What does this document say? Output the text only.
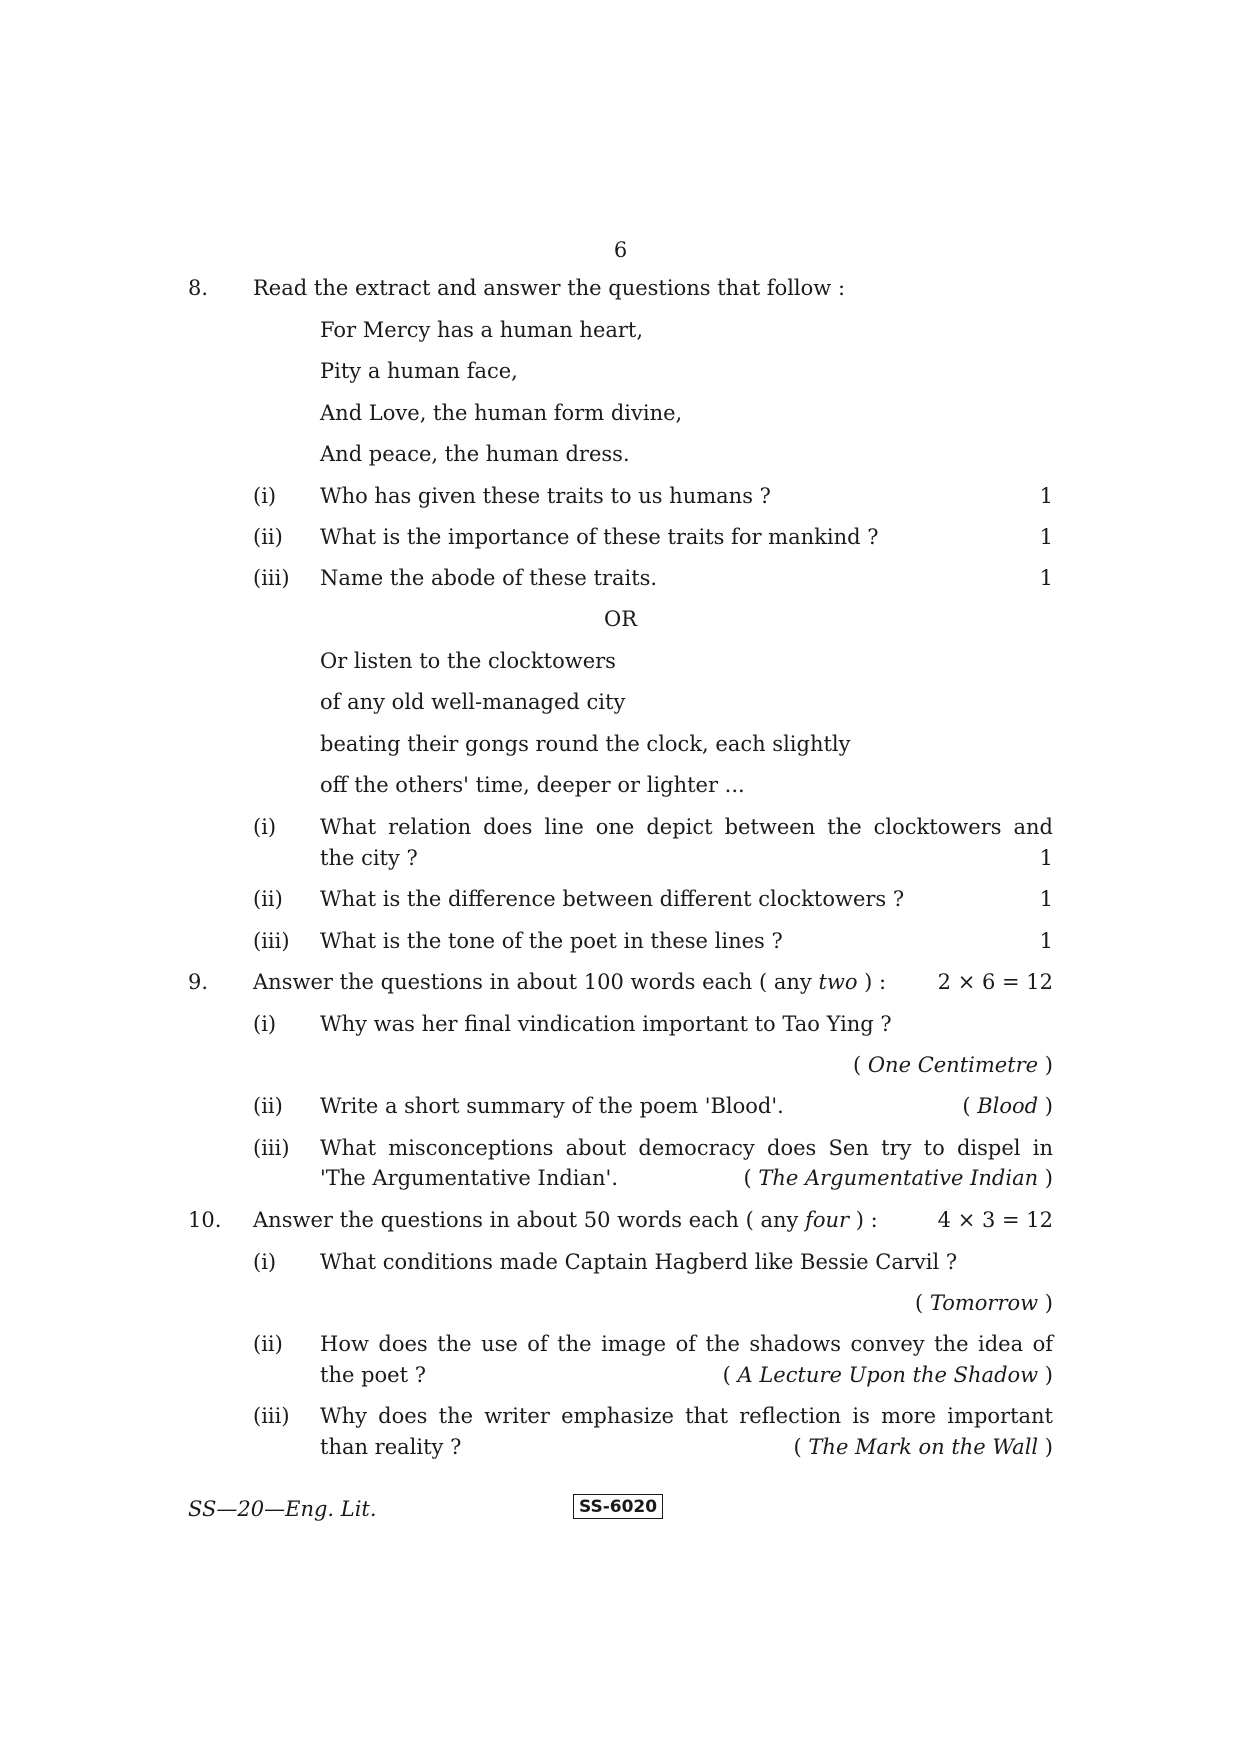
6
8. Read the extract and answer the questions that follow :
For Mercy has a human heart,
Pity a human face,
And Love, the human form divine,
And peace, the human dress.
(i) Who has given these traits to us humans ?	1
(ii) What is the importance of these traits for mankind ?	1
(iii) Name the abode of these traits.	1
OR
Or listen to the clocktowers
of any old well-managed city
beating their gongs round the clock, each slightly
off the others' time, deeper or lighter ...
(i) What relation does line one depict between the clocktowers and
the city ?	1
(ii) What is the difference between different clocktowers ?	1
(iii) What is the tone of the poet in these lines ?	1
9. Answer the questions in about 100 words each ( any two ) : 2 × 6 = 12
(i) Why was her final vindication important to Tao Ying ?
( One Centimetre )
(ii) Write a short summary of the poem 'Blood'.	( Blood )
(iii) What misconceptions about democracy does Sen try to dispel in
'The Argumentative Indian'.	( The Argumentative Indian )
10. Answer the questions in about 50 words each ( any four ) :	4 × 3 = 12
(i) What conditions made Captain Hagberd like Bessie Carvil ?
( Tomorrow )
(ii) How does the use of the image of the shadows convey the idea of
the poet ?	( A Lecture Upon the Shadow )
(iii) Why does the writer emphasize that reflection is more important
than reality ?	( The Mark on the Wall )
SS—20—Eng. Lit.	SS-6020
